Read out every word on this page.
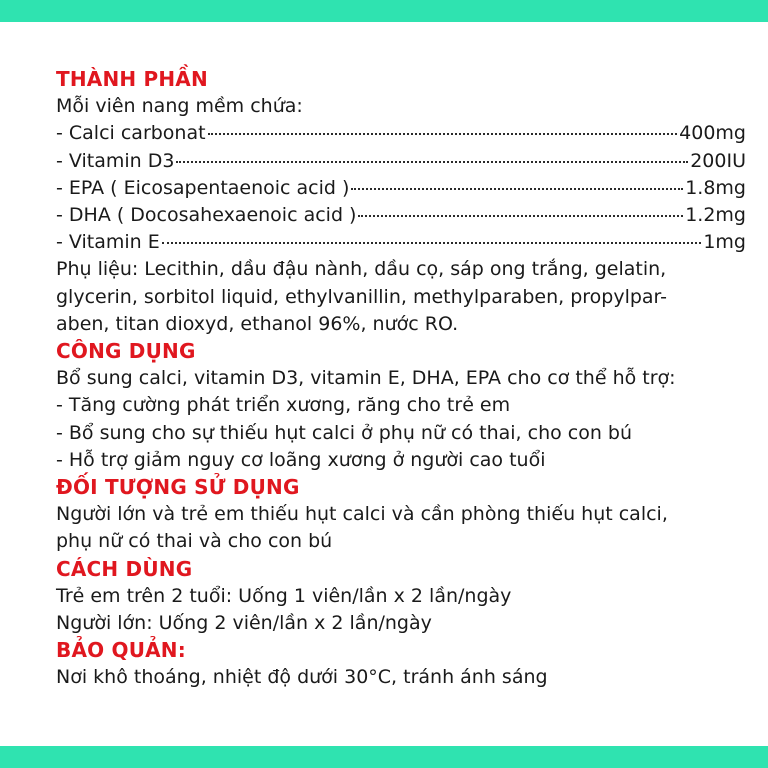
THÀNH PHẦN
Mỗi viên nang mềm chứa:
- Calci carbonat	400mg
- Vitamin D3	200IU
- EPA ( Eicosapentaenoic acid )	1.8mg
- DHA ( Docosahexaenoic acid )	1.2mg
- Vitamin E	1mg
Phụ liệu: Lecithin, dầu đậu nành, dầu cọ, sáp ong trắng, gelatin,
glycerin, sorbitol liquid, ethylvanillin, methylparaben, propylpar-
aben, titan dioxyd, ethanol 96%, nước RO.
CÔNG DỤNG
Bổ sung calci, vitamin D3, vitamin E, DHA, EPA cho cơ thể hỗ trợ:
- Tăng cường phát triển xương, răng cho trẻ em
- Bổ sung cho sự thiếu hụt calci ở phụ nữ có thai, cho con bú
- Hỗ trợ giảm nguy cơ loãng xương ở người cao tuổi
ĐỐI TƯỢNG SỬ DỤNG
Người lớn và trẻ em thiếu hụt calci và cần phòng thiếu hụt calci,
phụ nữ có thai và cho con bú
CÁCH DÙNG
Trẻ em trên 2 tuổi: Uống 1 viên/lần x 2 lần/ngày
Người lớn: Uống 2 viên/lần x 2 lần/ngày
BẢO QUẢN:
Nơi khô thoáng, nhiệt độ dưới 30°C, tránh ánh sáng
